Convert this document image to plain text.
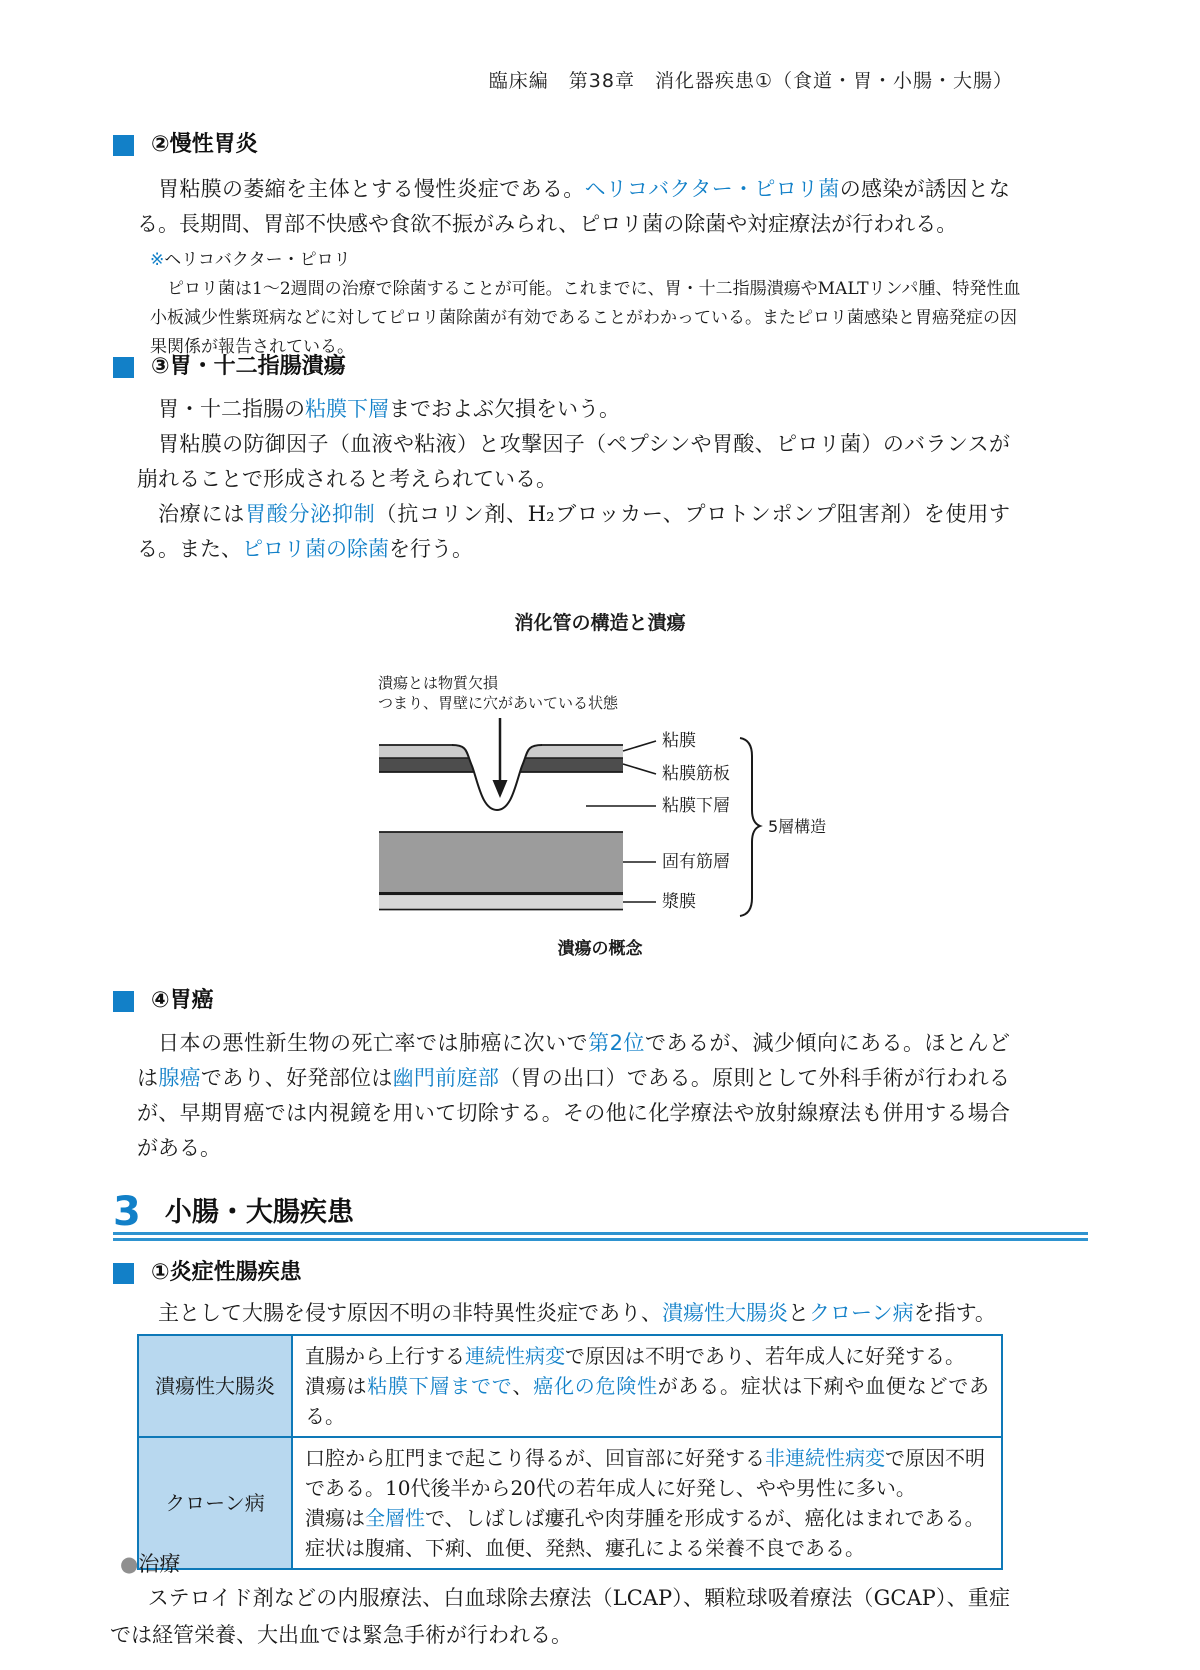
臨床編　第38章　消化器疾患①（食道・胃・小腸・大腸）
②慢性胃炎
胃粘膜の萎縮を主体とする慢性炎症である。ヘリコバクター・ピロリ菌の感染が誘因となる。長期間、胃部不快感や食欲不振がみられ、ピロリ菌の除菌や対症療法が行われる。
※ヘリコバクター・ピロリ
ピロリ菌は1～2週間の治療で除菌することが可能。これまでに、胃・十二指腸潰瘍やMALTリンパ腫、特発性血小板減少性紫斑病などに対してピロリ菌除菌が有効であることがわかっている。またピロリ菌感染と胃癌発症の因果関係が報告されている。
③胃・十二指腸潰瘍

胃・十二指腸の粘膜下層までおよぶ欠損をいう。

胃粘膜の防御因子（血液や粘液）と攻撃因子（ペプシンや胃酸、ピロリ菌）のバランスが崩れることで形成されると考えられている。

治療には胃酸分泌抑制（抗コリン剤、H₂ブロッカー、プロトンポンプ阻害剤）を使用する。また、ピロリ菌の除菌を行う。

消化管の構造と潰瘍
潰瘍とは物質欠損
つまり、胃壁に穴があいている状態
粘膜
粘膜筋板
粘膜下層
固有筋層
漿膜
5層構造
潰瘍の概念
④胃癌
日本の悪性新生物の死亡率では肺癌に次いで第2位であるが、減少傾向にある。ほとんどは腺癌であり、好発部位は幽門前庭部（胃の出口）である。原則として外科手術が行われるが、早期胃癌では内視鏡を用いて切除する。その他に化学療法や放射線療法も併用する場合がある。
3 小腸・大腸疾患
①炎症性腸疾患
主として大腸を侵す原因不明の非特異性炎症であり、潰瘍性大腸炎とクローン病を指す。
潰瘍性大腸炎	直腸から上行する連続性病変で原因は不明であり、若年成人に好発する。
潰瘍は粘膜下層までで、癌化の危険性がある。症状は下痢や血便などである。

クローン病	口腔から肛門まで起こり得るが、回盲部に好発する非連続性病変で原因不明
である。10代後半から20代の若年成人に好発し、やや男性に多い。
潰瘍は全層性で、しばしば瘻孔や肉芽腫を形成するが、癌化はまれである。
症状は腹痛、下痢、血便、発熱、瘻孔による栄養不良である。
●治療
ステロイド剤などの内服療法、白血球除去療法（LCAP）、顆粒球吸着療法（GCAP）、重症では経管栄養、大出血では緊急手術が行われる。
